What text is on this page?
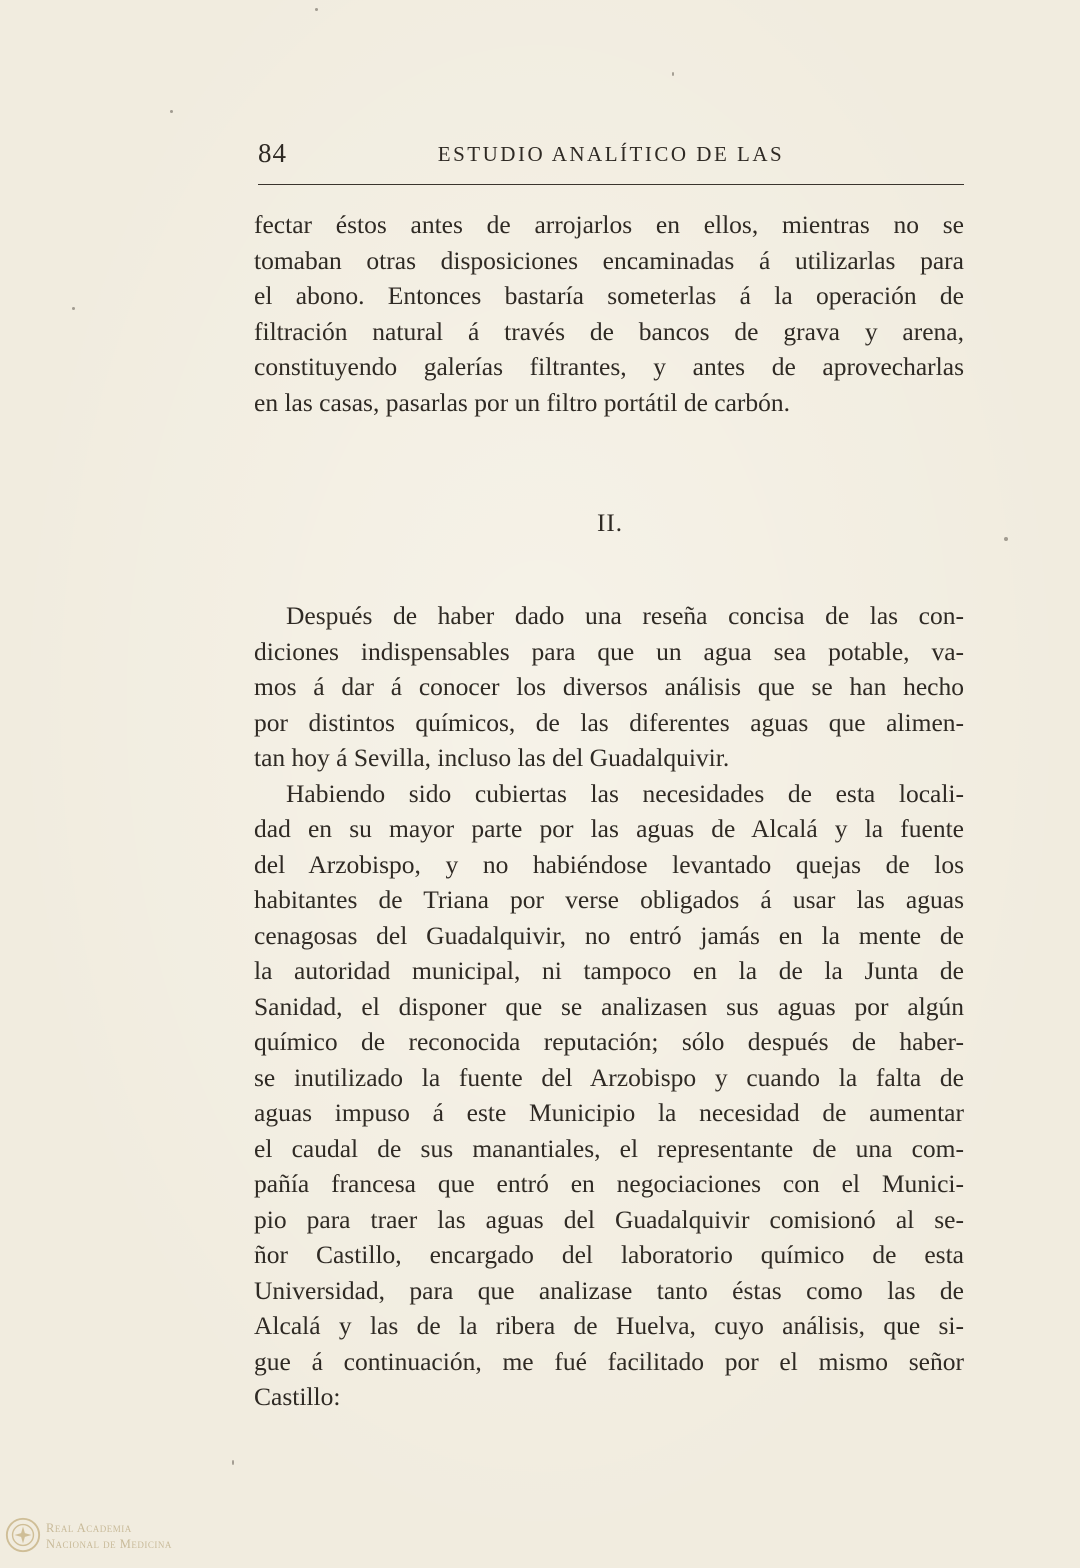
84	ESTUDIO ANALÍTICO DE LAS
fectar éstos antes de arrojarlos en ellos, mientras no se
tomaban otras disposiciones encaminadas á utilizarlas para
el abono. Entonces bastaría someterlas á la operación de
filtración natural á través de bancos de grava y arena,
constituyendo galerías filtrantes, y antes de aprovecharlas
en las casas, pasarlas por un filtro portátil de carbón.
II.
Después de haber dado una reseña concisa de las con-
diciones indispensables para que un agua sea potable, va-
mos á dar á conocer los diversos análisis que se han hecho
por distintos químicos, de las diferentes aguas que alimen-
tan hoy á Sevilla, incluso las del Guadalquivir.
Habiendo sido cubiertas las necesidades de esta locali-
dad en su mayor parte por las aguas de Alcalá y la fuente
del Arzobispo, y no habiéndose levantado quejas de los
habitantes de Triana por verse obligados á usar las aguas
cenagosas del Guadalquivir, no entró jamás en la mente de
la autoridad municipal, ni tampoco en la de la Junta de
Sanidad, el disponer que se analizasen sus aguas por algún
químico de reconocida reputación; sólo después de haber-
se inutilizado la fuente del Arzobispo y cuando la falta de
aguas impuso á este Municipio la necesidad de aumentar
el caudal de sus manantiales, el representante de una com-
pañía francesa que entró en negociaciones con el Munici-
pio para traer las aguas del Guadalquivir comisionó al se-
ñor Castillo, encargado del laboratorio químico de esta
Universidad, para que analizase tanto éstas como las de
Alcalá y las de la ribera de Huelva, cuyo análisis, que si-
gue á continuación, me fué facilitado por el mismo señor
Castillo:
Real Academia
Nacional de Medicina
